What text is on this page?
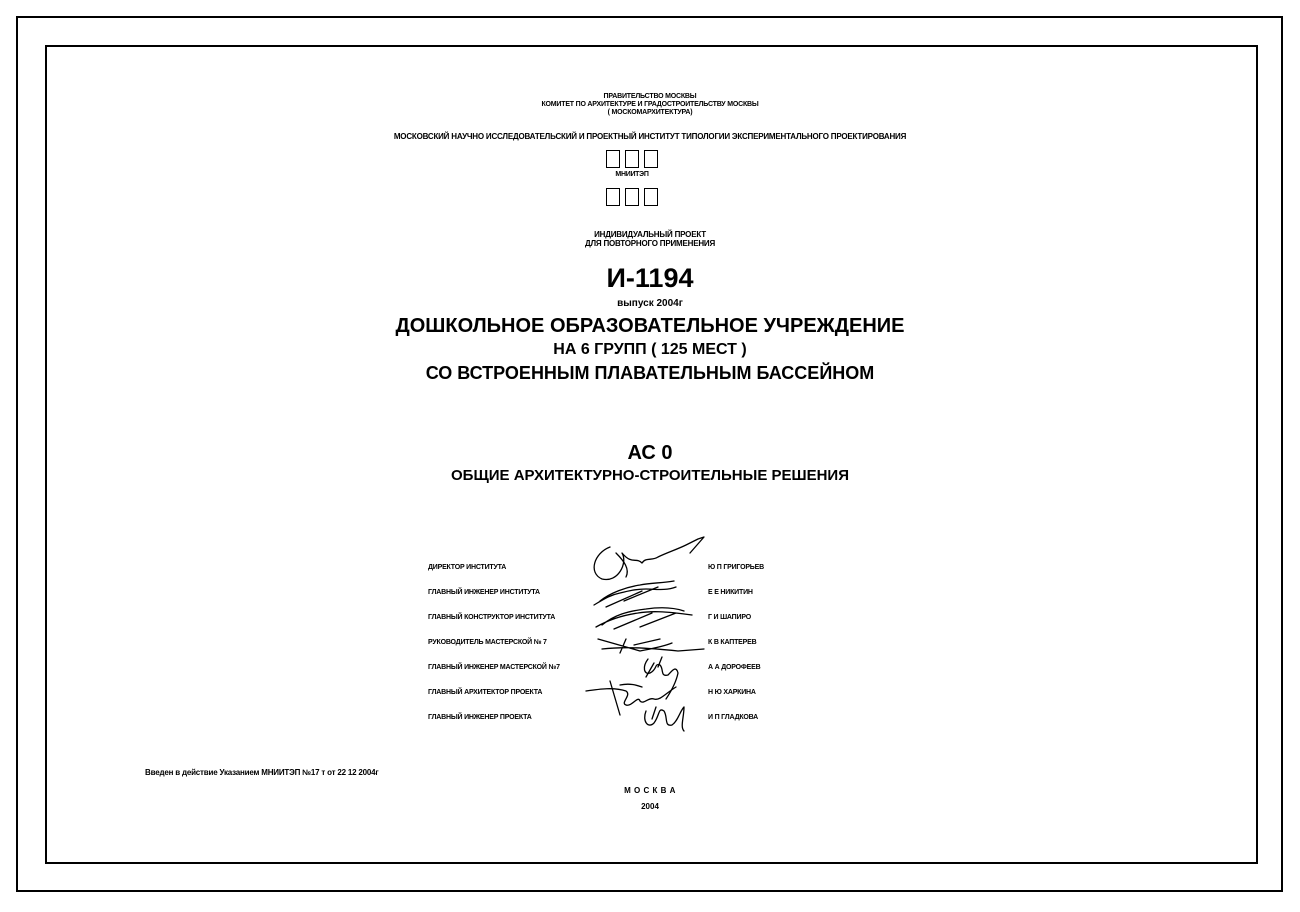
ПРАВИТЕЛЬСТВО МОСКВЫ
КОМИТЕТ ПО АРХИТЕКТУРЕ И ГРАДОСТРОИТЕЛЬСТВУ МОСКВЫ
( МОСКОМАРХИТЕКТУРА)
МОСКОВСКИЙ НАУЧНО ИССЛЕДОВАТЕЛЬСКИЙ И ПРОЕКТНЫЙ ИНСТИТУТ ТИПОЛОГИИ ЭКСПЕРИМЕНТАЛЬНОГО ПРОЕКТИРОВАНИЯ
МНИИТЭП
ИНДИВИДУАЛЬНЫЙ ПРОЕКТ
ДЛЯ ПОВТОРНОГО ПРИМЕНЕНИЯ
И-1194
выпуск 2004г
ДОШКОЛЬНОЕ ОБРАЗОВАТЕЛЬНОЕ УЧРЕЖДЕНИЕ
НА 6 ГРУПП ( 125 МЕСТ )
СО ВСТРОЕННЫМ ПЛАВАТЕЛЬНЫМ БАССЕЙНОМ
АС 0
ОБЩИЕ АРХИТЕКТУРНО-СТРОИТЕЛЬНЫЕ РЕШЕНИЯ
ДИРЕКТОР ИНСТИТУТА	Ю П ГРИГОРЬЕВ
ГЛАВНЫЙ ИНЖЕНЕР ИНСТИТУТА	Е Е НИКИТИН
ГЛАВНЫЙ КОНСТРУКТОР ИНСТИТУТА	Г И ШАПИРО
РУКОВОДИТЕЛЬ МАСТЕРСКОЙ № 7	К В КАПТЕРЕВ
ГЛАВНЫЙ ИНЖЕНЕР МАСТЕРСКОЙ №7	А А ДОРОФЕЕВ
ГЛАВНЫЙ АРХИТЕКТОР ПРОЕКТА	Н Ю ХАРКИНА
ГЛАВНЫЙ ИНЖЕНЕР ПРОЕКТА	И П ГЛАДКОВА
Введен в действие Указанием МНИИТЭП №17 т от 22 12 2004г
М О С К В А
2004
